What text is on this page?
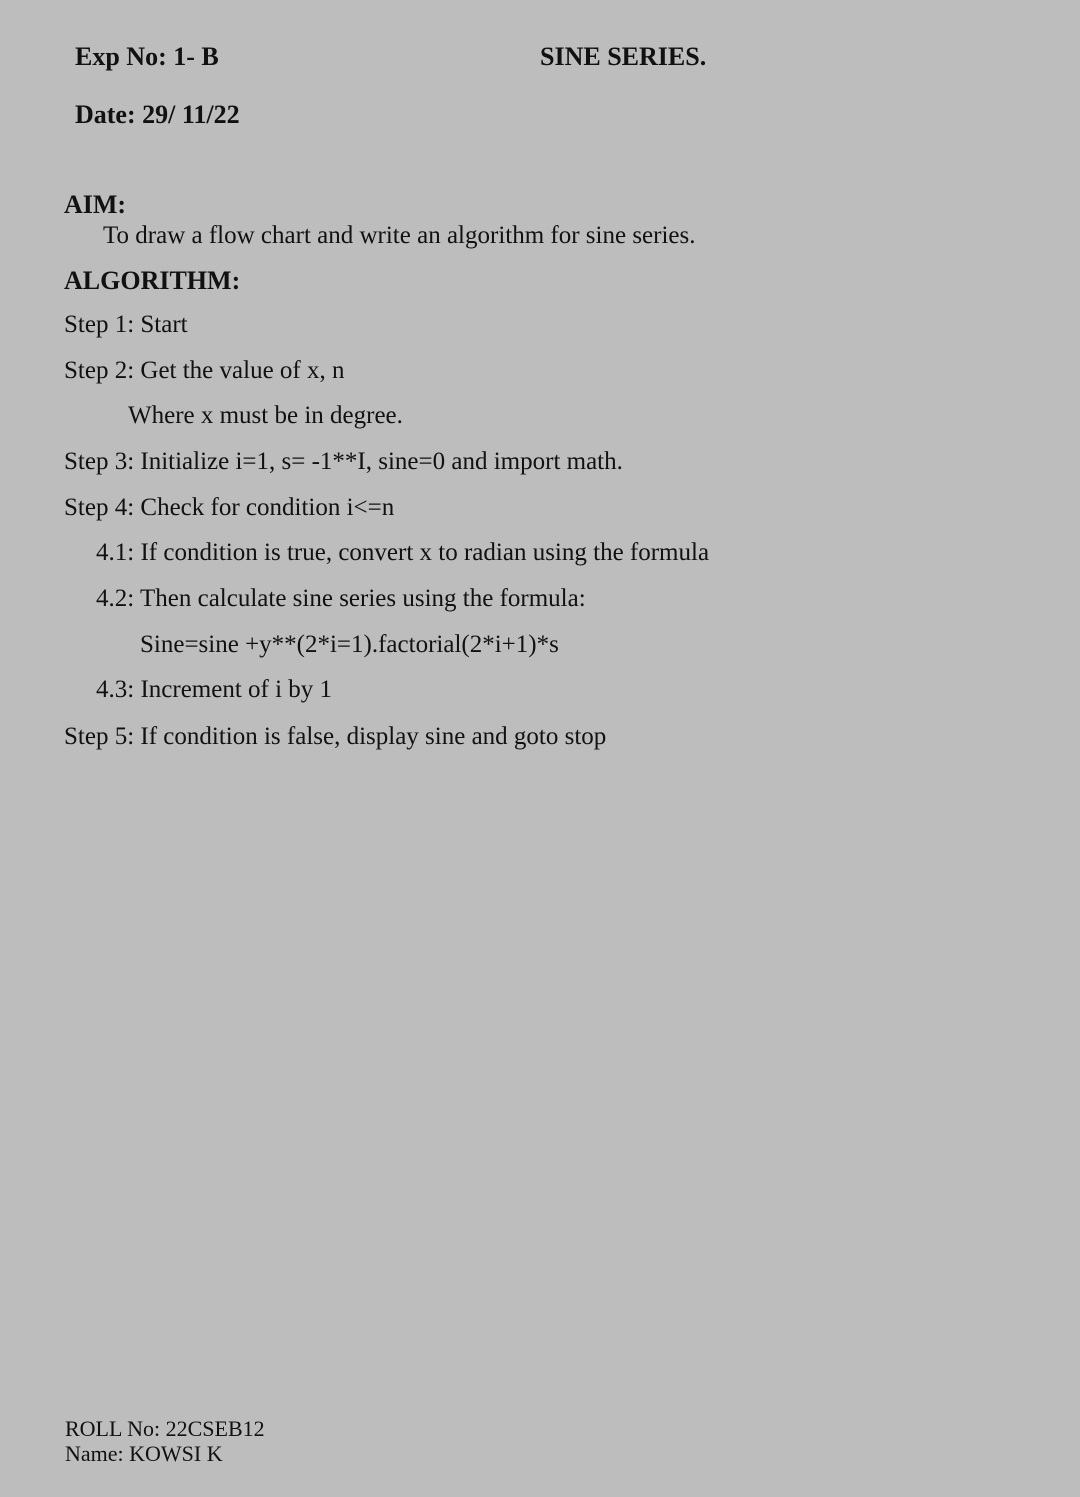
Exp No: 1- B	SINE SERIES.
Date: 29/ 11/22
AIM:
To draw a flow chart and write an algorithm for sine series.
ALGORITHM:
Step 1: Start
Step 2: Get the value of x, n
Where x must be in degree.
Step 3: Initialize i=1, s= -1**I, sine=0 and import math.
Step 4: Check for condition i<=n
4.1: If condition is true, convert x to radian using the formula
4.2: Then calculate sine series using the formula:
Sine=sine +y**(2*i=1).factorial(2*i+1)*s
4.3: Increment of i by 1
Step 5: If condition is false, display sine and goto stop
ROLL No: 22CSEB12
Name: KOWSI K
